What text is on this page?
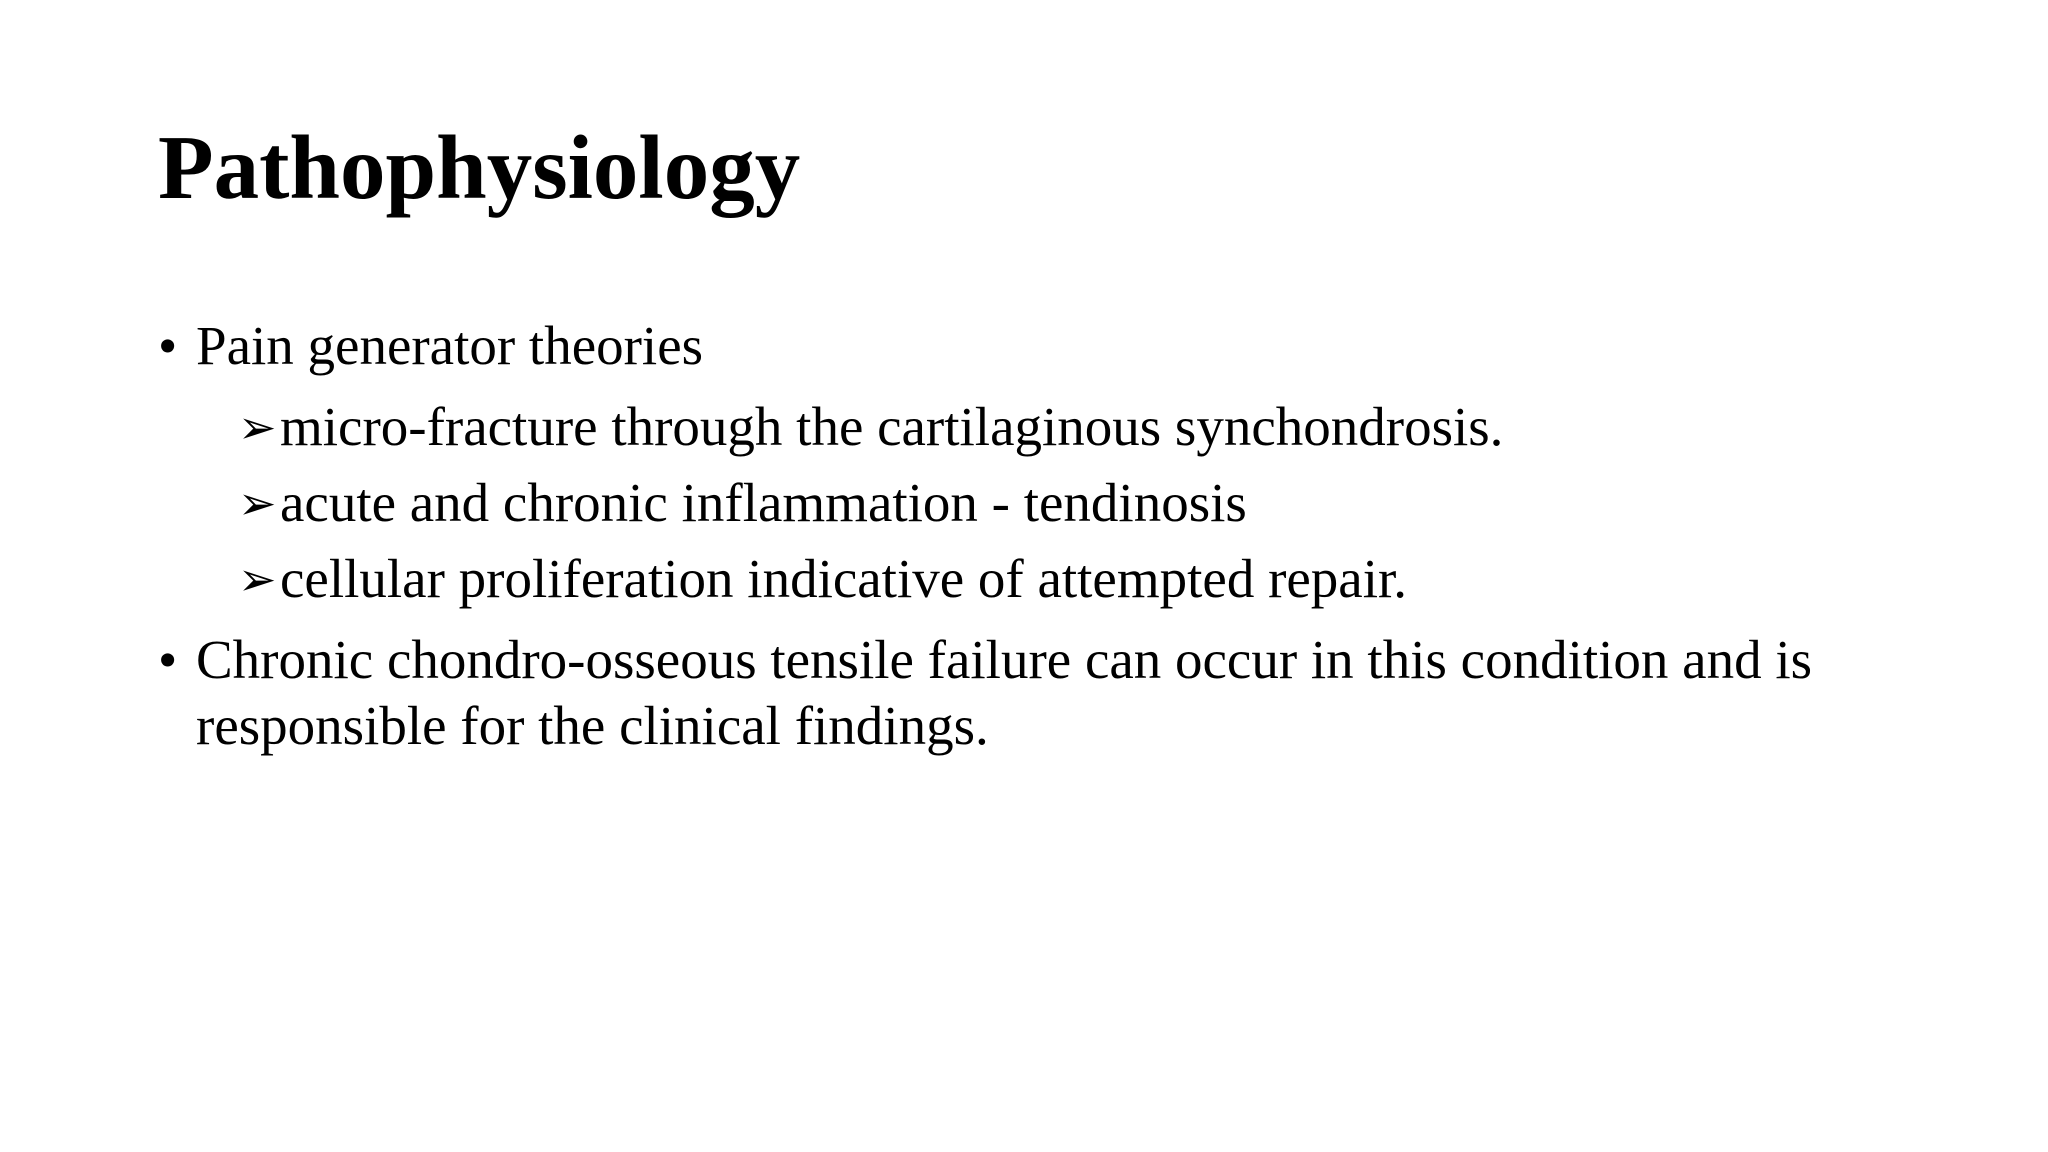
Pathophysiology
• Pain generator theories
➢ micro-fracture through the cartilaginous synchondrosis.
➢ acute and chronic inflammation - tendinosis
➢ cellular proliferation indicative of attempted repair.
• Chronic chondro-osseous tensile failure can occur in this condition and is responsible for the clinical findings.
